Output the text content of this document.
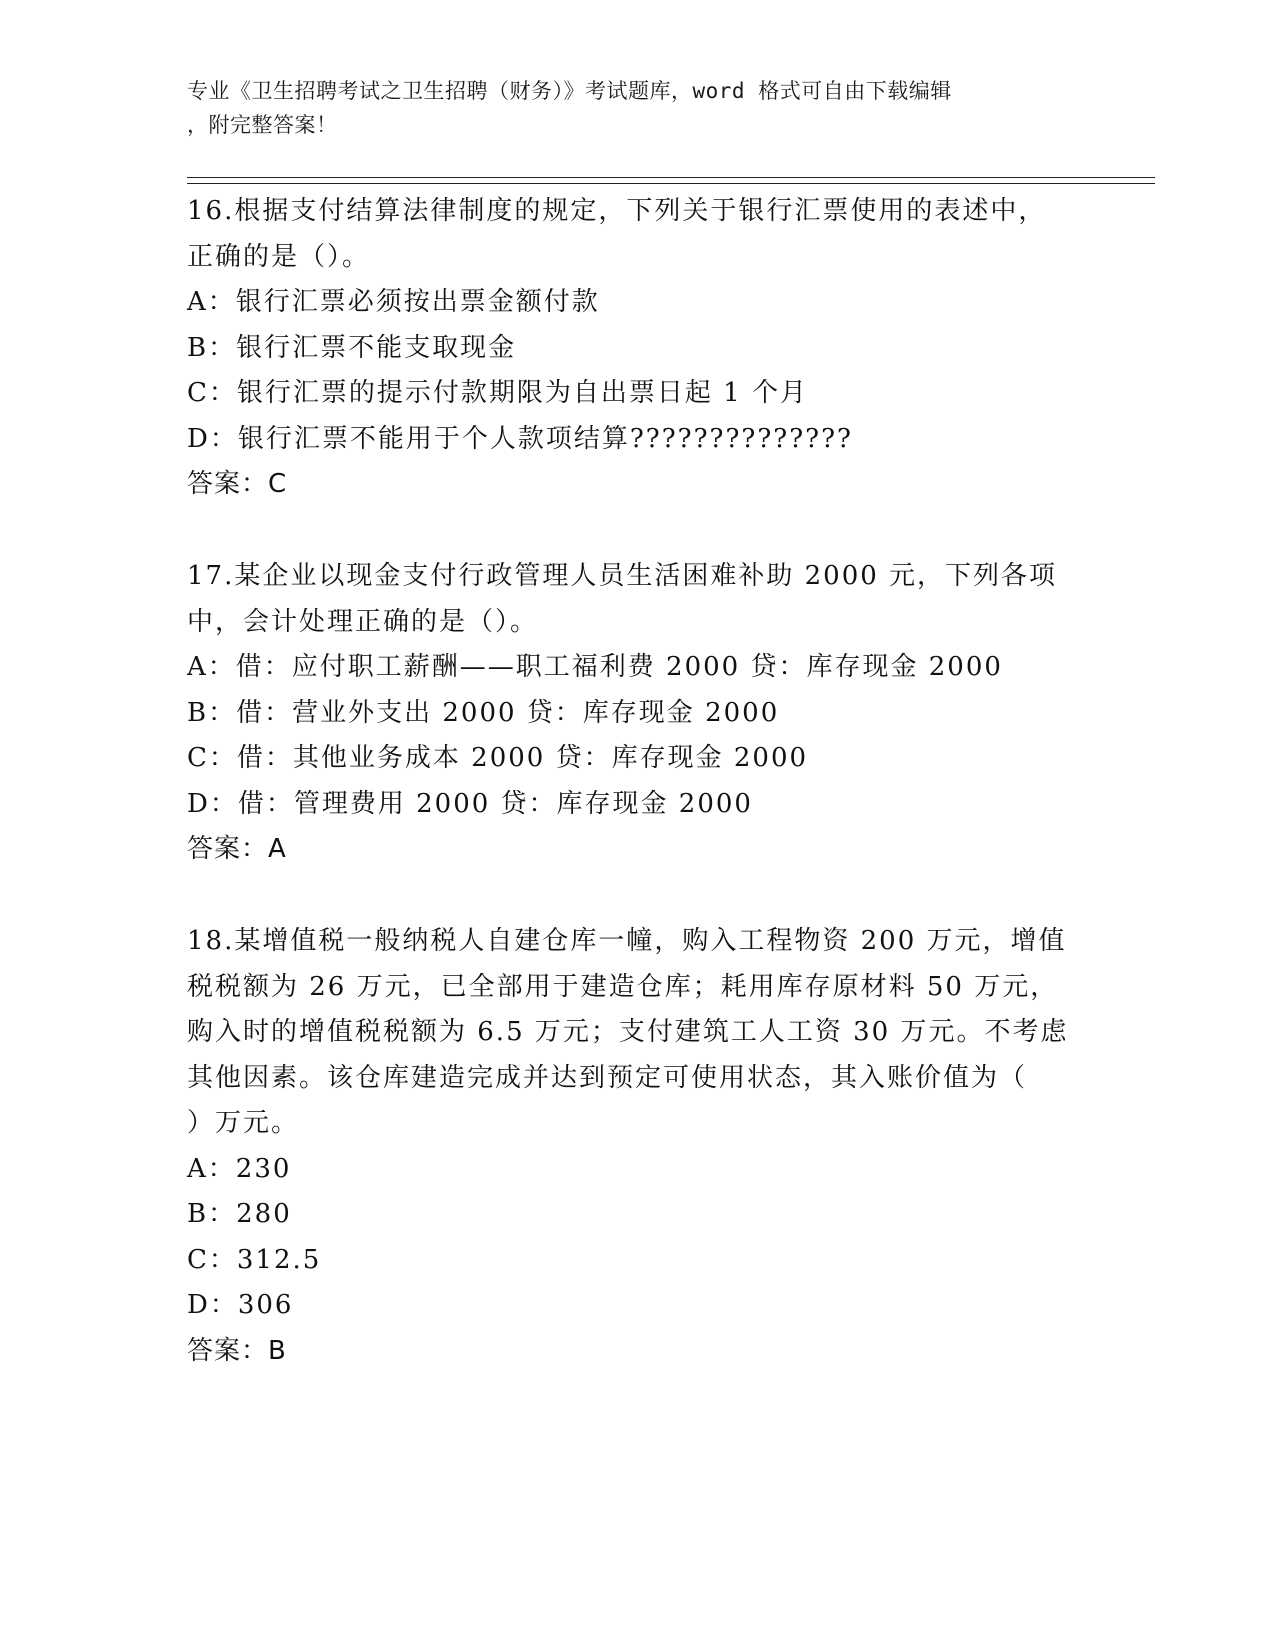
专业《卫生招聘考试之卫生招聘（财务）》考试题库，word 格式可自由下载编辑
，附完整答案！
16.根据支付结算法律制度的规定，下列关于银行汇票使用的表述中，
正确的是（）。
A：银行汇票必须按出票金额付款
B：银行汇票不能支取现金
C：银行汇票的提示付款期限为自出票日起 1 个月
D：银行汇票不能用于个人款项结算??????????????
答案：C
17.某企业以现金支付行政管理人员生活困难补助 2000 元，下列各项
中，会计处理正确的是（）。
A：借：应付职工薪酬——职工福利费 2000 贷：库存现金 2000
B：借：营业外支出 2000 贷：库存现金 2000
C：借：其他业务成本 2000 贷：库存现金 2000
D：借：管理费用 2000 贷：库存现金 2000
答案：A
18.某增值税一般纳税人自建仓库一幢，购入工程物资 200 万元，增值
税税额为 26 万元，已全部用于建造仓库；耗用库存原材料 50 万元，
购入时的增值税税额为 6.5 万元；支付建筑工人工资 30 万元。不考虑
其他因素。该仓库建造完成并达到预定可使用状态，其入账价值为（
）万元。
A：230
B：280
C：312.5
D：306
答案：B
